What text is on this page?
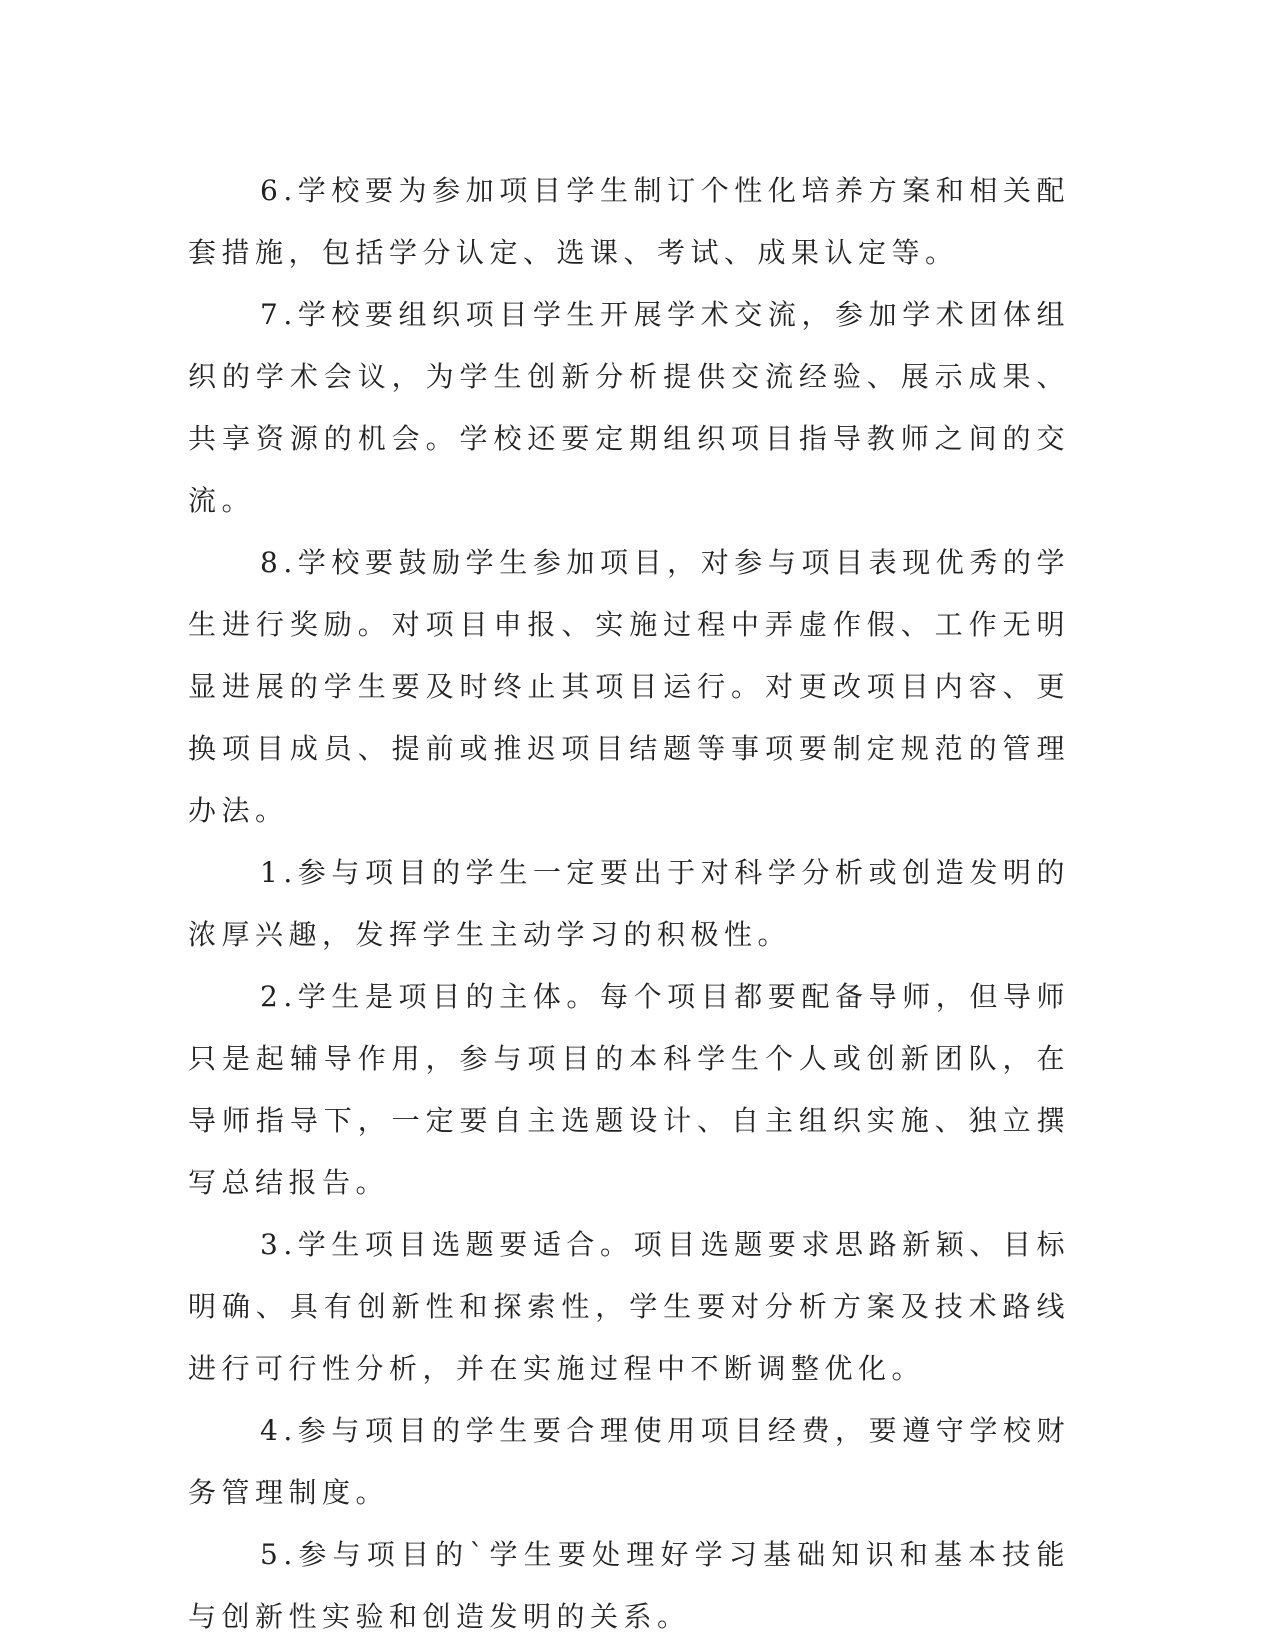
6.学校要为参加项目学生制订个性化培养方案和相关配套措施，包括学分认定、选课、考试、成果认定等。

7.学校要组织项目学生开展学术交流，参加学术团体组织的学术会议，为学生创新分析提供交流经验、展示成果、共享资源的机会。学校还要定期组织项目指导教师之间的交流。

8.学校要鼓励学生参加项目，对参与项目表现优秀的学生进行奖励。对项目申报、实施过程中弄虚作假、工作无明显进展的学生要及时终止其项目运行。对更改项目内容、更换项目成员、提前或推迟项目结题等事项要制定规范的管理办法。

1.参与项目的学生一定要出于对科学分析或创造发明的浓厚兴趣，发挥学生主动学习的积极性。

2.学生是项目的主体。每个项目都要配备导师，但导师只是起辅导作用，参与项目的本科学生个人或创新团队，在导师指导下，一定要自主选题设计、自主组织实施、独立撰写总结报告。

3.学生项目选题要适合。项目选题要求思路新颖、目标明确、具有创新性和探索性，学生要对分析方案及技术路线进行可行性分析，并在实施过程中不断调整优化。

4.参与项目的学生要合理使用项目经费，要遵守学校财务管理制度。

5.参与项目的`学生要处理好学习基础知识和基本技能与创新性实验和创造发明的关系。
